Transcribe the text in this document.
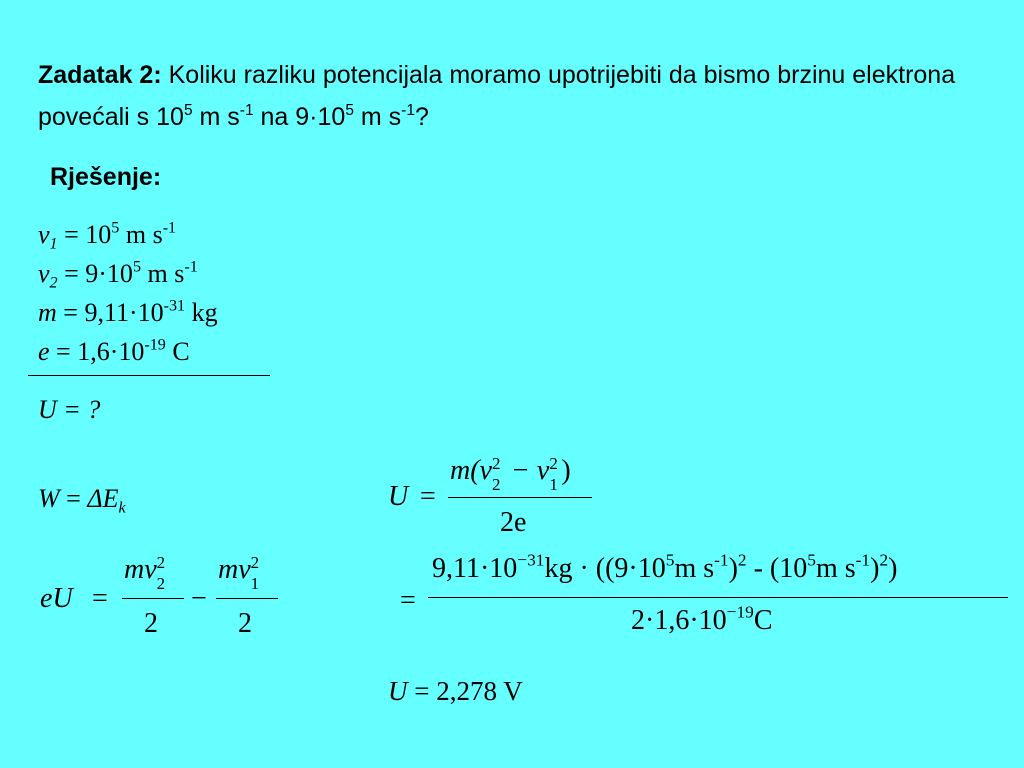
Zadatak 2: Koliku razliku potencijala moramo upotrijebiti da bismo brzinu elektrona povećali s $10^5$ m $s^{-1}$ na $9\cdot 10^5$ m $s^{-1}$?
Rješenje:
$v_1 = 10^5$ m $s^{-1}$
$v_2 = 9\cdot 10^5$ m $s^{-1}$
$m = 9,11\cdot 10^{-31}$ kg
$e = 1,6\cdot 10^{-19}$ C
U = ?
$W = \Delta E_k$
eU =
mv 2
2
2
−
mv 2
1
2
U =
m(v 2
2 − v 2
1 )
2e
=
$9,11\cdot 10^{-31}kg \cdot ((9\cdot 10^5m$ $s^{-1})^2 - (10^5m$ $s^{-1})^2$)
$2\cdot 1,6\cdot 10^{-19}C$
U = 2,278 V
